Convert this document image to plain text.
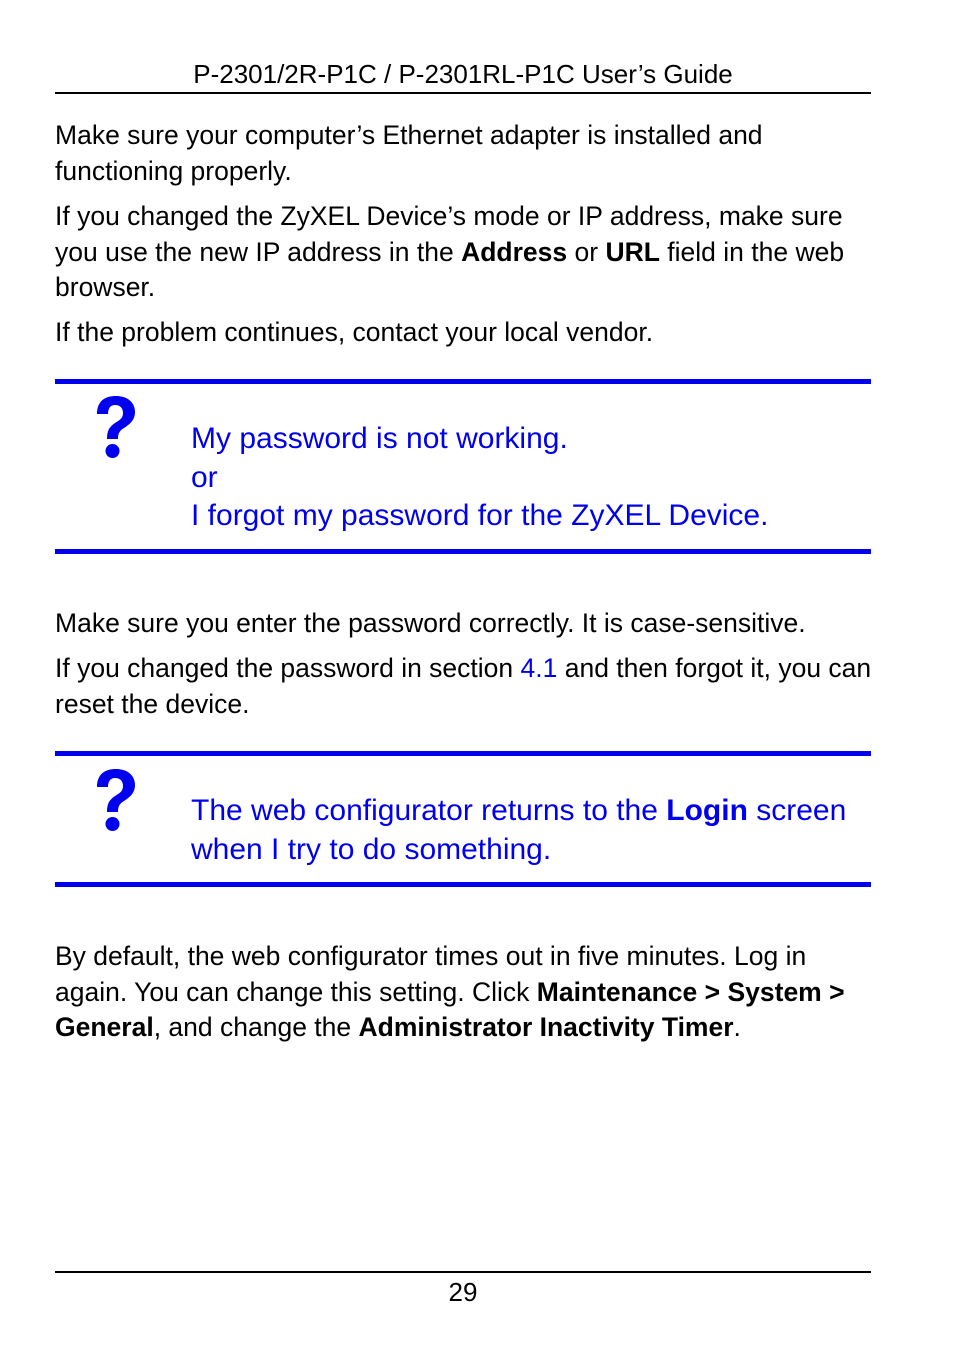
P-2301/2R-P1C / P-2301RL-P1C User’s Guide

Make sure your computer’s Ethernet adapter is installed and functioning properly.

If you changed the ZyXEL Device’s mode or IP address, make sure you use the new IP address in the Address or URL field in the web browser.

If the problem continues, contact your local vendor.

My password is not working.
or
I forgot my password for the ZyXEL Device.

Make sure you enter the password correctly. It is case-sensitive.

If you changed the password in section 4.1 and then forgot it, you can reset the device.

The web configurator returns to the Login screen when I try to do something.

By default, the web configurator times out in five minutes. Log in again. You can change this setting. Click Maintenance > System > General, and change the Administrator Inactivity Timer.

29
